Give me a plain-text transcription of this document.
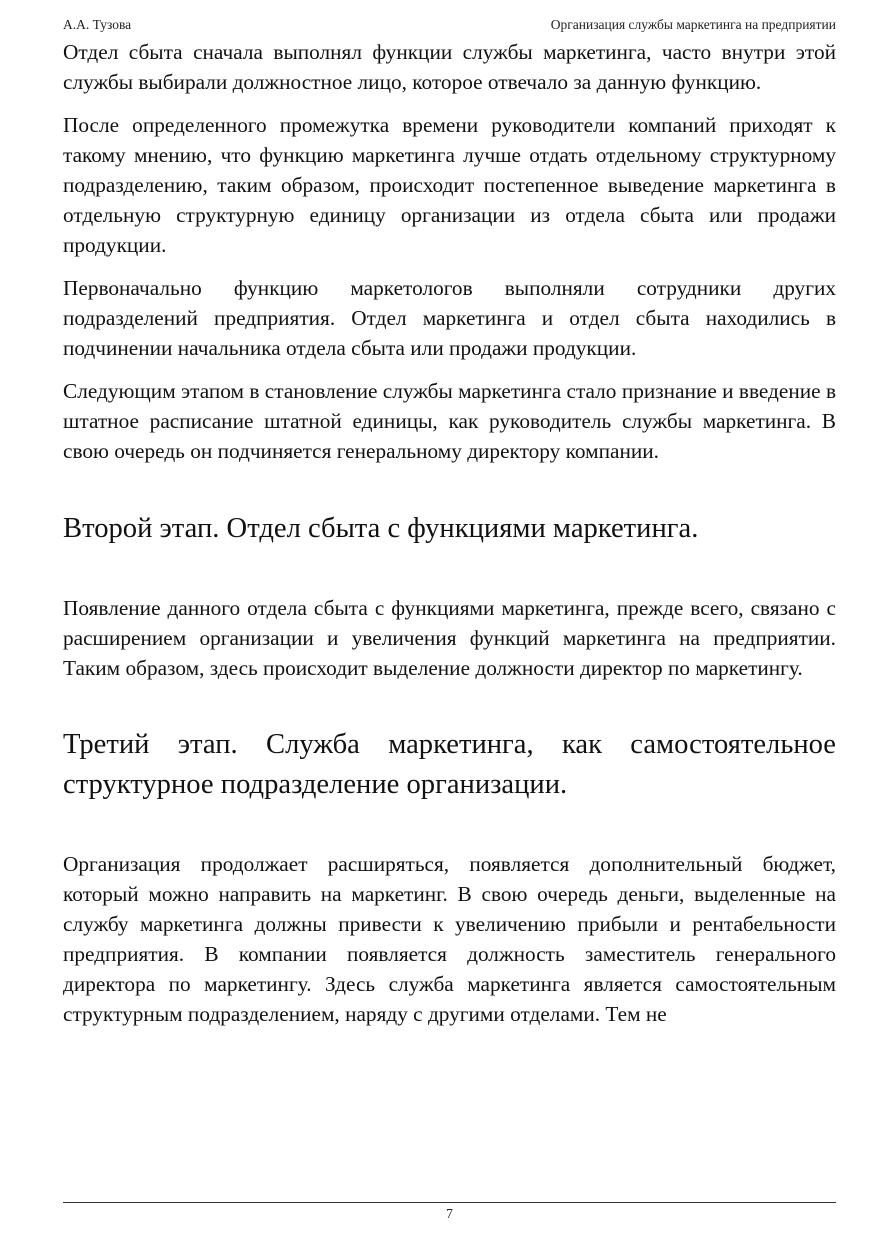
А.А. Тузова	Организация службы маркетинга на предприятии

Отдел сбыта сначала выполнял функции службы маркетинга, часто внутри этой службы выбирали должностное лицо, которое отвечало за данную функцию.

После определенного промежутка времени руководители компаний приходят к такому мнению, что функцию маркетинга лучше отдать отдельному структурному подразделению, таким образом, происходит постепенное выведение маркетинга в отдельную структурную единицу организации из отдела сбыта или продажи продукции.

Первоначально функцию маркетологов выполняли сотрудники других подразделений предприятия. Отдел маркетинга и отдел сбыта находились в подчинении начальника отдела сбыта или продажи продукции.

Следующим этапом в становление службы маркетинга стало признание и введение в штатное расписание штатной единицы, как руководитель службы маркетинга. В свою очередь он подчиняется генеральному директору компании.

Второй этап. Отдел сбыта с функциями маркетинга.

Появление данного отдела сбыта с функциями маркетинга, прежде всего, связано с расширением организации и увеличения функций маркетинга на предприятии. Таким образом, здесь происходит выделение должности директор по маркетингу.

Третий этап. Служба маркетинга, как самостоятельное структурное подразделение организации.

Организация продолжает расширяться, появляется дополнительный бюджет, который можно направить на маркетинг. В свою очередь деньги, выделенные на службу маркетинга должны привести к увеличению прибыли и рентабельности предприятия. В компании появляется должность заместитель генерального директора по маркетингу. Здесь служба маркетинга является самостоятельным структурным подразделением, наряду с другими отделами. Тем не

7
